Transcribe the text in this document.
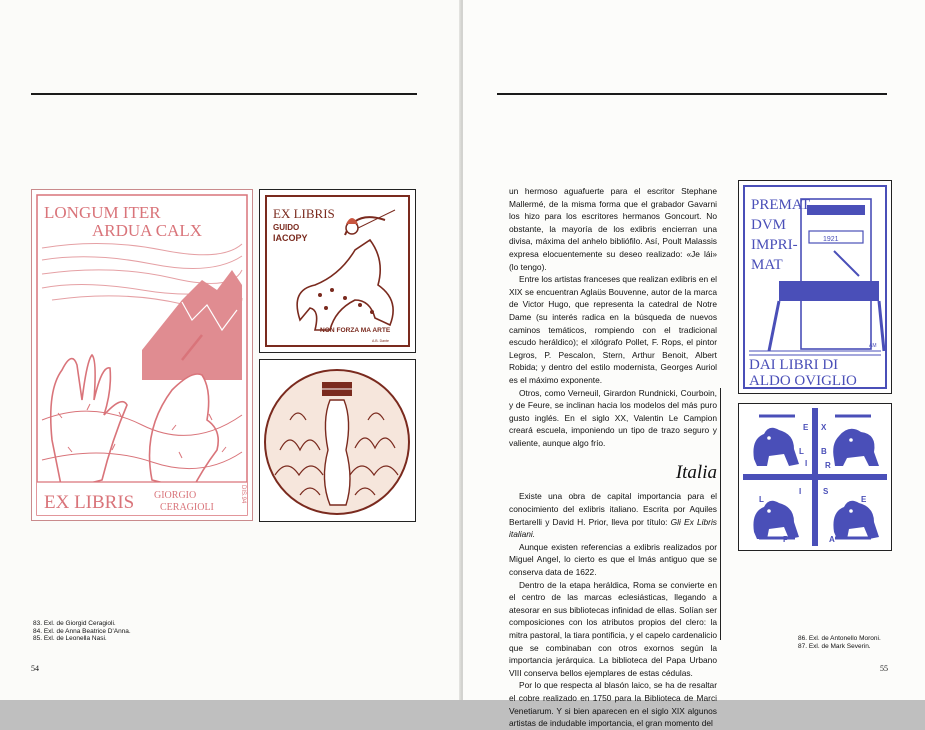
LONGUM ITER
ARDUA CALX
EX LIBRIS GIORGIO
CERAGIOLI
DIS.94
EX LIBRIS
GUIDO
IACOPY
NON FORZA MA ARTE
A.B. Dante
83. Exl. de Giorgid Ceragioli.
84. Exl. de Anna Beatrice D'Anna.
85. Exl. de Leonella Nasi.
54

un hermoso aguafuerte para el escritor Stephane Mallermé, de la misma forma que el grabador Gavarni los hizo para los escritores hermanos Goncourt. No obstante, la mayoría de los exlibris encierran una divisa, máxima del anhelo bibliófilo. Así, Poult Malassis expresa elocuentemente su deseo realizado: «Je lái» (lo tengo).

Entre los artistas franceses que realizan exlibris en el XIX se encuentran Aglaüs Bouvenne, autor de la marca de Victor Hugo, que representa la catedral de Notre Dame (su interés radica en la búsqueda de nuevos caminos temáticos, rompiendo con el tradicional escudo heráldico); el xilógrafo Pollet, F. Rops, el pintor Legros, P. Pescalon, Stern, Arthur Benoit, Albert Robida; y dentro del estilo modernista, Georges Auriol es el máximo exponente.

Otros, como Verneuil, Girardon Rundnicki, Courboin, y de Feure, se inclinan hacia los modelos del más puro gusto inglés. En el siglo XX, Valentin Le Campion creará escuela, imponiendo un tipo de trazo seguro y valiente, aunque algo frío.

Italia

Existe una obra de capital importancia para el conocimiento del exlibris italiano. Escrita por Aquiles Bertarelli y David H. Prior, lleva por título: Gli Ex Libris italiani.

Aunque existen referencias a exlibris realizados por Miguel Angel, lo cierto es que el lmás antiguo que se conserva data de 1622.

Dentro de la etapa heráldica, Roma se convierte en el centro de las marcas eclesiásticas, llegando a atesorar en sus bibliotecas infinidad de ellas. Solían ser composiciones con los atributos propios del clero: la mitra pastoral, la tiara pontificia, y el capelo cardenalicio que se combinaban con otros exornos según la importancia jerárquica. La biblioteca del Papa Urbano VIII conserva bellos ejemplares de estas cédulas.

Por lo que respecta al blasón laico, se ha de resaltar el cobre realizado en 1750 para la Biblioteca de Marci Venetiarum. Y si bien aparecen en el siglo XIX algunos artistas de indudable importancia, el gran momento del

PREMAT
DVM
IMPRI-
MAT
1921
AM
DAI LIBRI DI
ALDO OVIGLIO
E X
L
I
B
R
I	S
L
P	A
E
86. Exl. de Antonello Moroni.
87. Exl. de Mark Severin.
55
